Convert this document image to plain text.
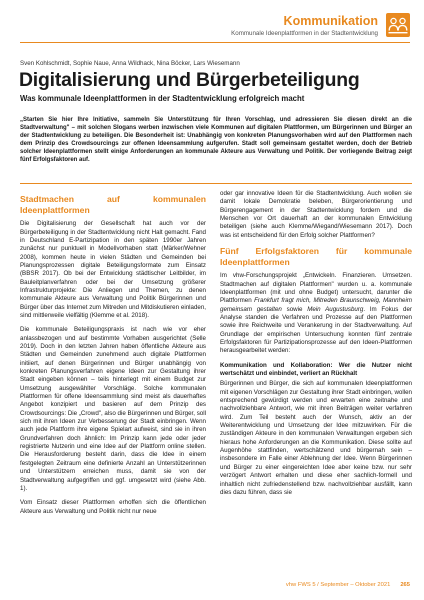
Kommunikation
Kommunale Ideenplattformen in der Stadtentwicklung
Sven Kohlschmidt, Sophie Naue, Anna Wildhack, Nina Böcker, Lars Wiesemann
Digitalisierung und Bürgerbeteiligung
Was kommunale Ideenplattformen in der Stadtentwicklung erfolgreich macht

„Starten Sie hier Ihre Initiative, sammeln Sie Unterstützung für Ihren Vorschlag, und adressieren Sie diesen direkt an die Stadtverwaltung" – mit solchen Slogans werben inzwischen viele Kommunen auf digitalen Plattformen, um Bürgerinnen und Bürger an der Stadtentwicklung zu beteiligen. Die Besonderheit ist: Unabhängig von konkreten Planungsvorhaben wird auf den Plattformen nach dem Prinzip des Crowdsourcings zur offenen Ideensammlung aufgerufen. Stadt soll gemeinsam gestaltet werden, doch der Betrieb solcher Ideenplattformen stellt einige Anforderungen an kommunale Akteure aus Verwaltung und Politik. Der vorliegende Beitrag zeigt fünf Erfolgsfaktoren auf.

Stadtmachen auf kommunalen Ideenplattformen

Die Digitalisierung der Gesellschaft hat auch vor der Bürgerbeteiligung in der Stadtentwicklung nicht Halt gemacht. Fand in Deutschland E-Partizipation in den späten 1990er Jahren zunächst nur punktuell in Modellvorhaben statt (Märker/Wehner 2008), kommen heute in vielen Städten und Gemeinden bei Planungsprozessen digitale Beteiligungsformate zum Einsatz (BBSR 2017). Ob bei der Entwicklung städtischer Leitbilder, im Bauleitplanverfahren oder bei der Umsetzung größerer Infrastrukturprojekte: Die Anliegen und Themen, zu denen kommunale Akteure aus Verwaltung und Politik Bürgerinnen und Bürger über das Internet zum Mitreden und Mitdiskutieren einladen, sind mittlerweile vielfältig (Klemme et al. 2018).

Die kommunale Beteiligungspraxis ist nach wie vor eher anlassbezogen und auf bestimmte Vorhaben ausgerichtet (Selle 2019). Doch in den letzten Jahren haben öffentliche Akteure aus Städten und Gemeinden zunehmend auch digitale Plattformen initiiert, auf denen Bürgerinnen und Bürger unabhängig von konkreten Planungsverfahren eigene Ideen zur Gestaltung ihrer Stadt eingeben können – teils hinterlegt mit einem Budget zur Umsetzung ausgewählter Vorschläge. Solche kommunalen Plattformen für offene Ideensammlung sind meist als dauerhaftes Angebot konzipiert und basieren auf dem Prinzip des Crowdsourcings: Die „Crowd", also die Bürgerinnen und Bürger, soll sich mit ihren Ideen zur Verbesserung der Stadt einbringen. Wenn auch jede Plattform ihre eigene Spielart aufweist, sind sie in ihren Grundverfahren doch ähnlich: Im Prinzip kann jede oder jeder registrierte Nutzerin und eine Idee auf der Plattform online stellen. Die Herausforderung besteht darin, dass die Idee in einem festgelegten Zeitraum eine definierte Anzahl an Unterstützerinnen und Unterstützern erreichen muss, damit sie von der Stadtverwaltung aufgegriffen und ggf. umgesetzt wird (siehe Abb. 1).

Vom Einsatz dieser Plattformen erhoffen sich die öffentlichen Akteure aus Verwaltung und Politik nicht nur neue

oder gar innovative Ideen für die Stadtentwicklung. Auch wollen sie damit lokale Demokratie beleben, Bürgerorientierung und Bürgerengagement in der Stadtentwicklung fordern und die Menschen vor Ort dauerhaft an der kommunalen Entwicklung beteiligen (siehe auch Klemme/Wiegand/Wiesemann 2017). Doch was ist entscheidend für den Erfolg solcher Plattformen?

Fünf Erfolgsfaktoren für kommunale Ideenplattformen

Im vhw-Forschungsprojekt „Entwickeln. Finanzieren. Umsetzen. Stadtmachen auf digitalen Plattformen" wurden u. a. kommunale Ideenplattformen (mit und ohne Budget) untersucht, darunter die Plattformen Frankfurt fragt mich, Mitreden Braunschweig, Mannheim gemeinsam gestalten sowie Mein Augustusburg. Im Fokus der Analyse standen die Verfahren und Prozesse auf den Plattformen sowie ihre Reichweite und Verankerung in der Stadtverwaltung. Auf Grundlage der empirischen Untersuchung konnten fünf zentrale Erfolgsfaktoren für Partizipationsprozesse auf den Ideen-Plattformen herausgearbeitet werden:

Kommunikation und Kollaboration: Wer die Nutzer nicht wertschätzt und einbindet, verliert an Rückhalt

Bürgerinnen und Bürger, die sich auf kommunalen Ideenplattformen mit eigenen Vorschlägen zur Gestaltung ihrer Stadt einbringen, wollen entsprechend gewürdigt werden und erwarten eine zeitnahe und nachvollziehbare Antwort, wie mit ihren Beiträgen weiter verfahren wird. Zum Teil besteht auch der Wunsch, aktiv an der Weiterentwicklung und Umsetzung der Idee mitzuwirken. Für die zuständigen Akteure in den kommunalen Verwaltungen ergeben sich hieraus hohe Anforderungen an die Kommunikation. Diese sollte auf Augenhöhe stattfinden, wertschätzend und bürgernah sein – insbesondere im Falle einer Ablehnung der Idee. Wenn Bürgerinnen und Bürger zu einer eingereichten Idee aber keine bzw. nur sehr verzögert Antwort erhalten und diese eher sachlich-formell und inhaltlich nicht zufriedenstellend bzw. nachvollziehbar ausfällt, kann dies dazu führen, dass sie

vhw FWS 5 / September – Oktober 2021 265
